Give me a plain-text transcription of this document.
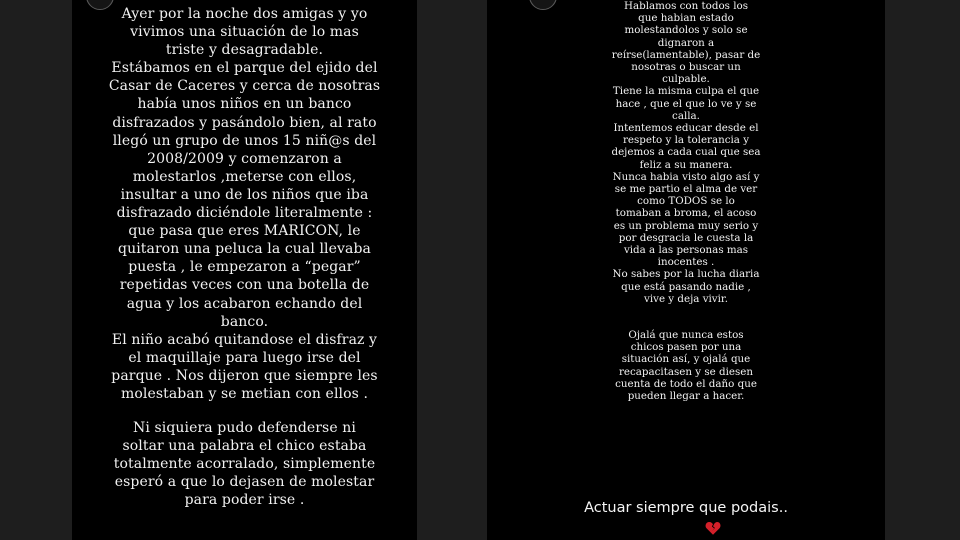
Ayer por la noche dos amigas y yo
vivimos una situación de lo mas
triste y desagradable.

Estábamos en el parque del ejido del
Casar de Caceres y cerca de nosotras
había unos niños en un banco
disfrazados y pasándolo bien, al rato
llegó un grupo de unos 15 niñ@s del
2008/2009 y comenzaron a
molestarlos ,meterse con ellos,
insultar a uno de los niños que iba
disfrazado diciéndole literalmente :
que pasa que eres MARICON, le
quitaron una peluca la cual llevaba
puesta , le empezaron a “pegar”
repetidas veces con una botella de
agua y los acabaron echando del
banco.

El niño acabó quitandose el disfraz y
el maquillaje para luego irse del
parque . Nos dijeron que siempre les
molestaban y se metian con ellos .

Ni siquiera pudo defenderse ni
soltar una palabra el chico estaba
totalmente acorralado, simplemente
esperó a que lo dejasen de molestar
para poder irse .

Hablamos con todos los
que habian estado
molestandolos y solo se
dignaron a
reírse(lamentable), pasar de
nosotras o buscar un
culpable.

Tiene la misma culpa el que
hace , que el que lo ve y se
calla.

Intentemos educar desde el
respeto y la tolerancia y
dejemos a cada cual que sea
feliz a su manera.

Nunca habia visto algo así y
se me partio el alma de ver
como TODOS se lo
tomaban a broma, el acoso
es un problema muy serio y
por desgracia le cuesta la
vida a las personas mas
inocentes .

No sabes por la lucha diaria
que está pasando nadie ,
vive y deja vivir.

Ojalá que nunca estos
chicos pasen por una
situación así, y ojalá que
recapacitasen y se diesen
cuenta de todo el daño que
pueden llegar a hacer.

Actuar siempre que podais..
